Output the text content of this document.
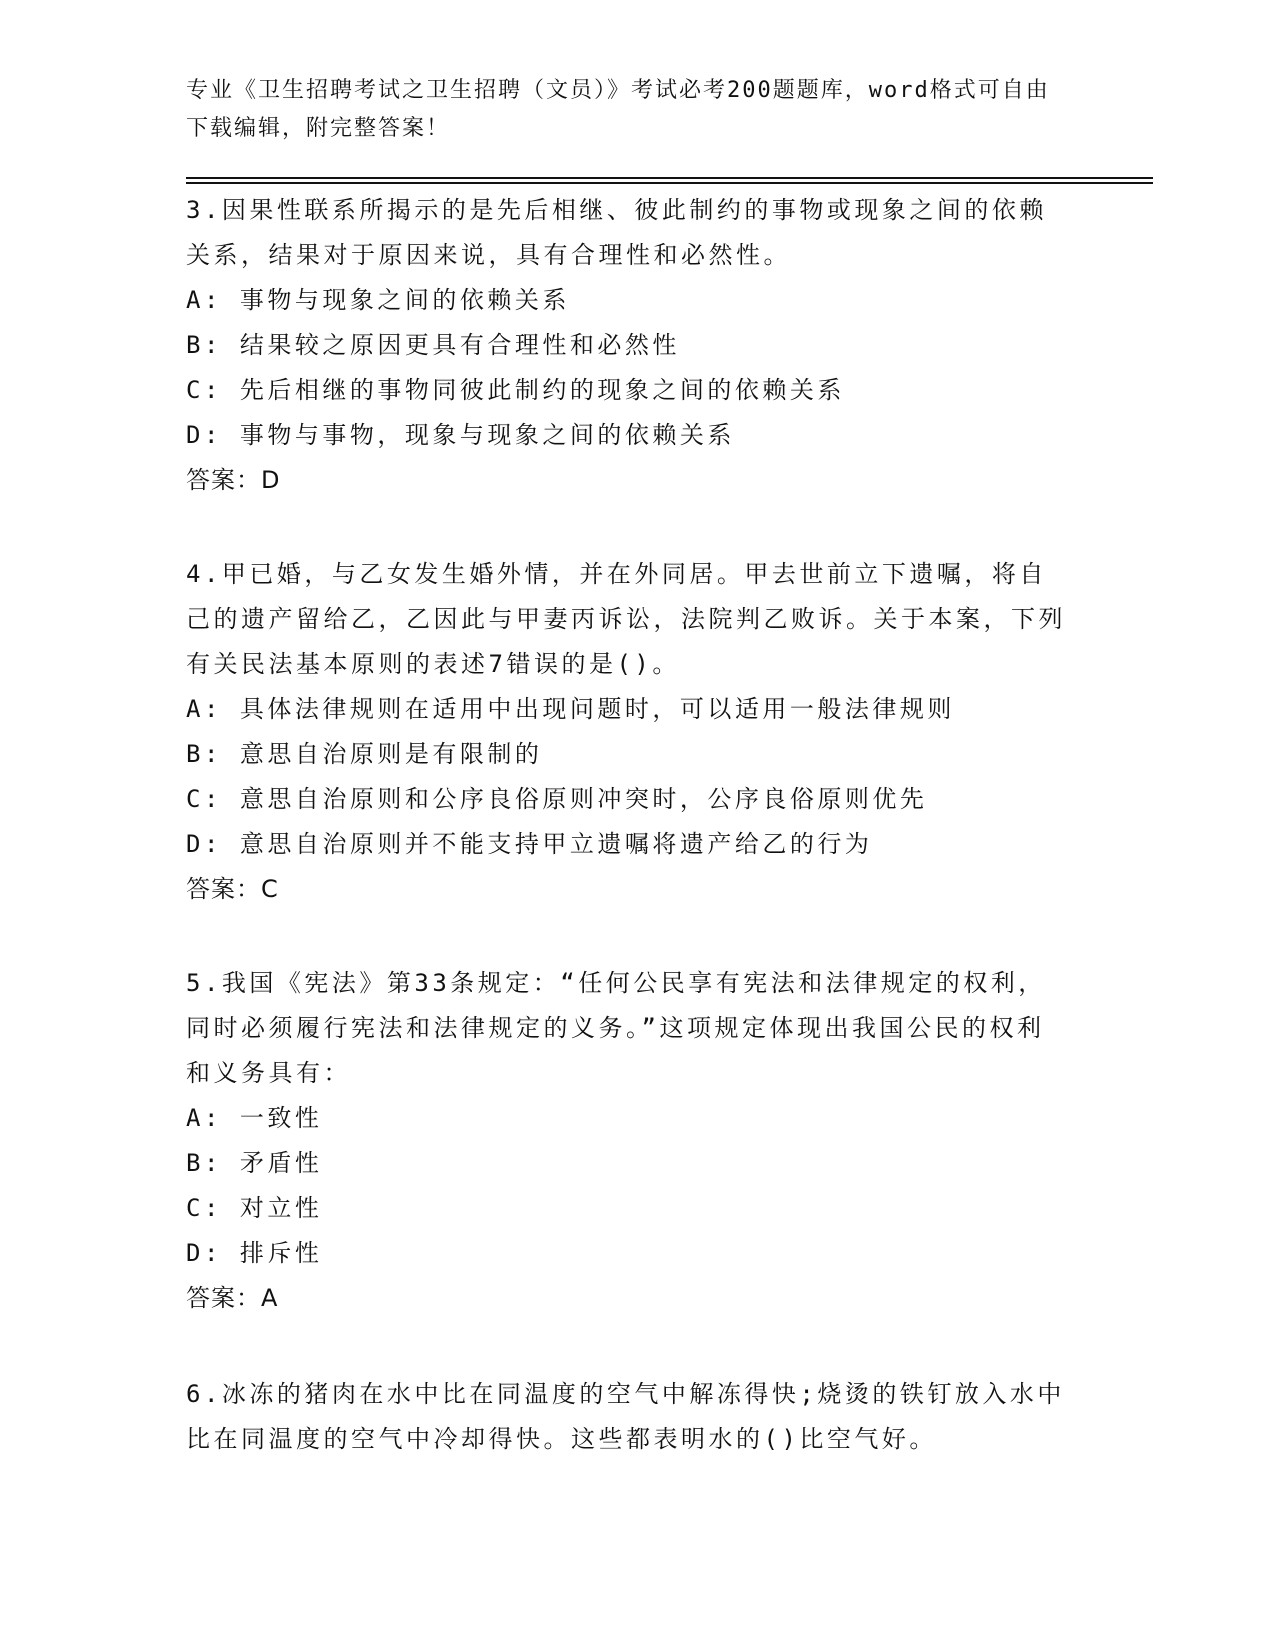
专业《卫生招聘考试之卫生招聘（文员）》考试必考200题题库，word格式可自由下载编辑，附完整答案！

3.因果性联系所揭示的是先后相继、彼此制约的事物或现象之间的依赖关系，结果对于原因来说，具有合理性和必然性。

A: 事物与现象之间的依赖关系

B: 结果较之原因更具有合理性和必然性

C: 先后相继的事物同彼此制约的现象之间的依赖关系

D: 事物与事物，现象与现象之间的依赖关系

答案：D

4.甲已婚，与乙女发生婚外情，并在外同居。甲去世前立下遗嘱，将自己的遗产留给乙，乙因此与甲妻丙诉讼，法院判乙败诉。关于本案，下列有关民法基本原则的表述7错误的是()。

A: 具体法律规则在适用中出现问题时，可以适用一般法律规则

B: 意思自治原则是有限制的

C: 意思自治原则和公序良俗原则冲突时，公序良俗原则优先

D: 意思自治原则并不能支持甲立遗嘱将遗产给乙的行为

答案：C

5.我国《宪法》第33条规定：“任何公民享有宪法和法律规定的权利，同时必须履行宪法和法律规定的义务。”这项规定体现出我国公民的权利和义务具有：

A: 一致性

B: 矛盾性

C: 对立性

D: 排斥性

答案：A

6.冰冻的猪肉在水中比在同温度的空气中解冻得快;烧烫的铁钉放入水中比在同温度的空气中冷却得快。这些都表明水的()比空气好。
